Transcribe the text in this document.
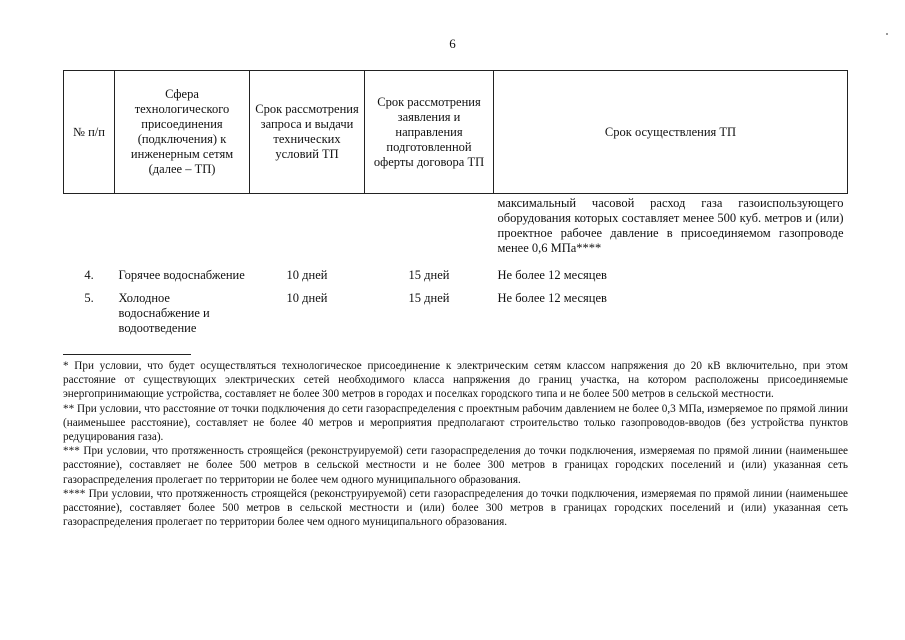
6
№ п/п	Сфера технологического присоединения (подключения) к инженерным сетям (далее – ТП)	Срок рассмотрения запроса и выдачи технических условий ТП	Срок рассмотрения заявления и направления подготовленной оферты договора ТП	Срок осуществления ТП
				максимальный часовой расход газа газоиспользующего оборудования которых составляет менее 500 куб. метров и (или) проектное рабочее давление в присоединяемом газопроводе менее 0,6 МПа****
4.	Горячее водоснабжение	10 дней	15 дней	Не более 12 месяцев
5.	Холодное водоснабжение и водоотведение	10 дней	15 дней	Не более 12 месяцев

* При условии, что будет осуществляться технологическое присоединение к электрическим сетям классом напряжения до 20 кВ включительно, при этом расстояние от существующих электрических сетей необходимого класса напряжения до границ участка, на котором расположены присоединяемые энергопринимающие устройства, составляет не более 300 метров в городах и поселках городского типа и не более 500 метров в сельской местности.

** При условии, что расстояние от точки подключения до сети газораспределения с проектным рабочим давлением не более 0,3 МПа, измеряемое по прямой линии (наименьшее расстояние), составляет не более 40 метров и мероприятия предполагают строительство только газопроводов-вводов (без устройства пунктов редуцирования газа).

*** При условии, что протяженность строящейся (реконструируемой) сети газораспределения до точки подключения, измеряемая по прямой линии (наименьшее расстояние), составляет не более 500 метров в сельской местности и не более 300 метров в границах городских поселений и (или) указанная сеть газораспределения пролегает по территории не более чем одного муниципального образования.

**** При условии, что протяженность строящейся (реконструируемой) сети газораспределения до точки подключения, измеряемая по прямой линии (наименьшее расстояние), составляет более 500 метров в сельской местности и (или) более 300 метров в границах городских поселений и (или) указанная сеть газораспределения пролегает по территории более чем одного муниципального образования.
